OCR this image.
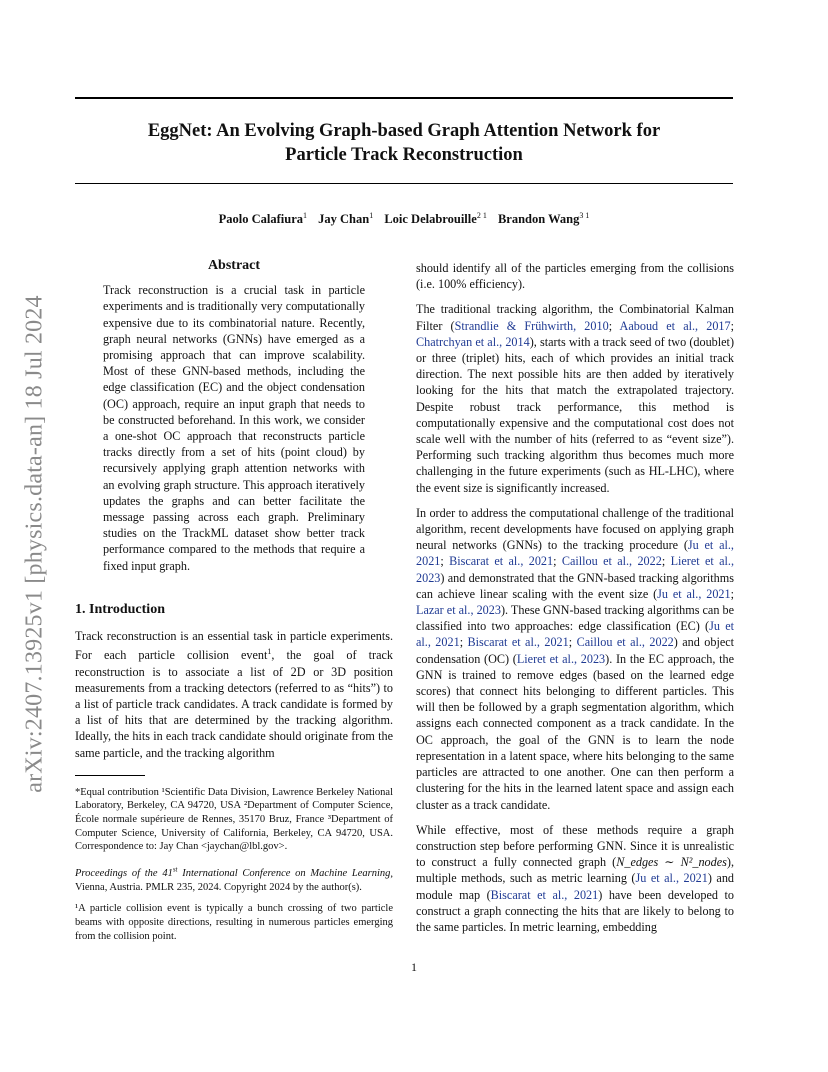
EggNet: An Evolving Graph-based Graph Attention Network for
Particle Track Reconstruction
Paolo Calafiura$^1$ Jay Chan$^1$ Loic Delabrouille$^{2 1}$ Brandon Wang$^{3 1}$
arXiv:2407.13925v1 [physics.data-an] 18 Jul 2024
Abstract

Track reconstruction is a crucial task in particle experiments and is traditionally very computationally expensive due to its combinatorial nature. Recently, graph neural networks (GNNs) have emerged as a promising approach that can improve scalability. Most of these GNN-based methods, including the edge classification (EC) and the object condensation (OC) approach, require an input graph that needs to be constructed beforehand. In this work, we consider a one-shot OC approach that reconstructs particle tracks directly from a set of hits (point cloud) by recursively applying graph attention networks with an evolving graph structure. This approach iteratively updates the graphs and can better facilitate the message passing across each graph. Preliminary studies on the TrackML dataset show better track performance compared to the methods that require a fixed input graph.

1. Introduction

Track reconstruction is an essential task in particle experiments. For each particle collision event$^1$, the goal of track reconstruction is to associate a list of 2D or 3D position measurements from a tracking detectors (referred to as “hits”) to a list of particle track candidates. A track candidate is formed by a list of hits that are determined by the tracking algorithm. Ideally, the hits in each track candidate should originate from the same particle, and the tracking algorithm

*Equal contribution ¹Scientific Data Division, Lawrence Berkeley National Laboratory, Berkeley, CA 94720, USA ²Department of Computer Science, École normale supérieure de Rennes, 35170 Bruz, France ³Department of Computer Science, University of California, Berkeley, CA 94720, USA. Correspondence to: Jay Chan <jaychan@lbl.gov>.
Proceedings of the 41st International Conference on Machine Learning, Vienna, Austria. PMLR 235, 2024. Copyright 2024 by the author(s).
¹A particle collision event is typically a bunch crossing of two particle beams with opposite directions, resulting in numerous particles emerging from the collision point.

should identify all of the particles emerging from the collisions (i.e. 100% efficiency).

The traditional tracking algorithm, the Combinatorial Kalman Filter (Strandlie & Frühwirth, 2010; Aaboud et al., 2017; Chatrchyan et al., 2014), starts with a track seed of two (doublet) or three (triplet) hits, each of which provides an initial track direction. The next possible hits are then added by iteratively looking for the hits that match the extrapolated trajectory. Despite robust track performance, this method is computationally expensive and the computational cost does not scale well with the number of hits (referred to as “event size”). Performing such tracking algorithm thus becomes much more challenging in the future experiments (such as HL-LHC), where the event size is significantly increased.

In order to address the computational challenge of the traditional algorithm, recent developments have focused on applying graph neural networks (GNNs) to the tracking procedure (Ju et al., 2021; Biscarat et al., 2021; Caillou et al., 2022; Lieret et al., 2023) and demonstrated that the GNN-based tracking algorithms can achieve linear scaling with the event size (Ju et al., 2021; Lazar et al., 2023). These GNN-based tracking algorithms can be classified into two approaches: edge classification (EC) (Ju et al., 2021; Biscarat et al., 2021; Caillou et al., 2022) and object condensation (OC) (Lieret et al., 2023). In the EC approach, the GNN is trained to remove edges (based on the learned edge scores) that connect hits belonging to different particles. This will then be followed by a graph segmentation algorithm, which assigns each connected component as a track candidate. In the OC approach, the goal of the GNN is to learn the node representation in a latent space, where hits belonging to the same particles are attracted to one another. One can then perform a clustering for the hits in the learned latent space and assign each cluster as a track candidate.

While effective, most of these methods require a graph construction step before performing GNN. Since it is unrealistic to construct a fully connected graph (N_edges ∼ N²_nodes), multiple methods, such as metric learning (Ju et al., 2021) and module map (Biscarat et al., 2021) have been developed to construct a graph connecting the hits that are likely to belong to the same particles. In metric learning, embedding

1
